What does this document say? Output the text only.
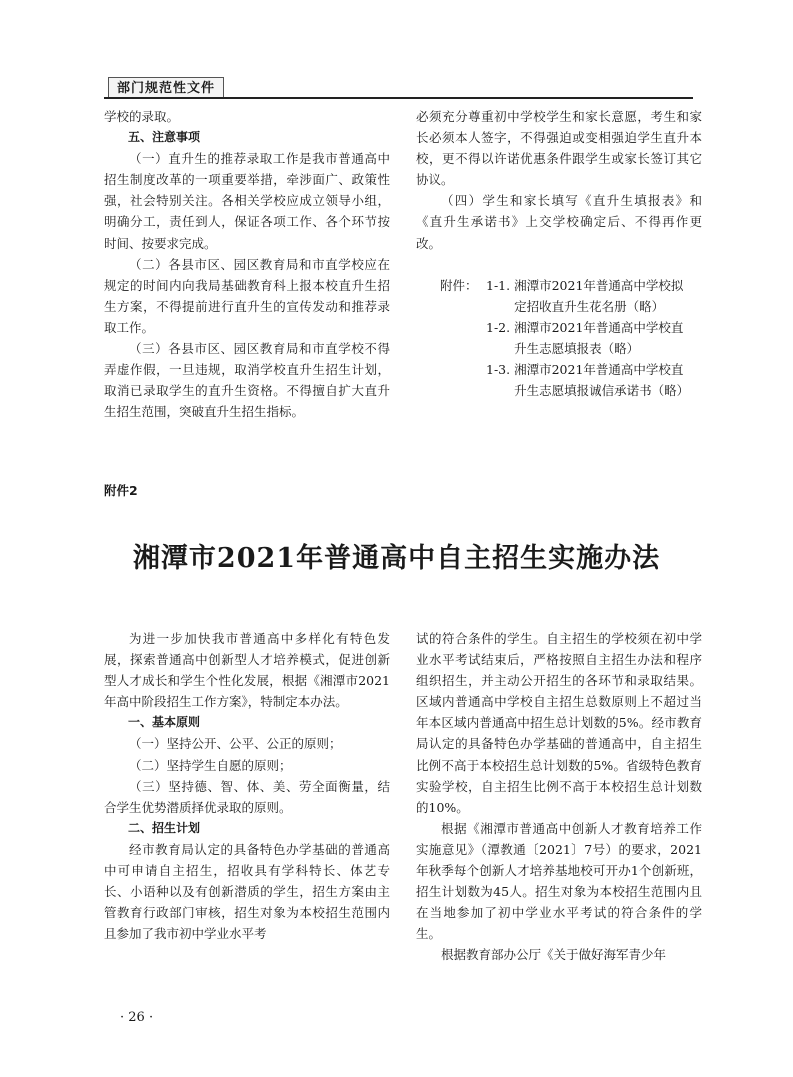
部门规范性文件

学校的录取。

五、注意事项

（一）直升生的推荐录取工作是我市普通高中招生制度改革的一项重要举措，牵涉面广、政策性强，社会特别关注。各相关学校应成立领导小组，明确分工，责任到人，保证各项工作、各个环节按时间、按要求完成。

（二）各县市区、园区教育局和市直学校应在规定的时间内向我局基础教育科上报本校直升生招生方案，不得提前进行直升生的宣传发动和推荐录取工作。

（三）各县市区、园区教育局和市直学校不得弄虚作假，一旦违规，取消学校直升生招生计划，取消已录取学生的直升生资格。不得擅自扩大直升生招生范围，突破直升生招生指标。

必须充分尊重初中学校学生和家长意愿，考生和家长必须本人签字，不得强迫或变相强迫学生直升本校，更不得以许诺优惠条件跟学生或家长签订其它协议。

（四）学生和家长填写《直升生填报表》和《直升生承诺书》上交学校确定后、不得再作更改。

附件： 1-1. 湘潭市2021年普通高中学校拟
定招收直升生花名册（略）
1-2. 湘潭市2021年普通高中学校直
升生志愿填报表（略）
1-3. 湘潭市2021年普通高中学校直
升生志愿填报诚信承诺书（略）
附件2
湘潭市2021年普通高中自主招生实施办法

为进一步加快我市普通高中多样化有特色发展，探索普通高中创新型人才培养模式，促进创新型人才成长和学生个性化发展，根据《湘潭市2021年高中阶段招生工作方案》，特制定本办法。

一、基本原则

（一）坚持公开、公平、公正的原则；

（二）坚持学生自愿的原则；

（三）坚持德、智、体、美、劳全面衡量，结合学生优势潜质择优录取的原则。

二、招生计划

经市教育局认定的具备特色办学基础的普通高中可申请自主招生，招收具有学科特长、体艺专长、小语种以及有创新潜质的学生，招生方案由主管教育行政部门审核，招生对象为本校招生范围内且参加了我市初中学业水平考

试的符合条件的学生。自主招生的学校须在初中学业水平考试结束后，严格按照自主招生办法和程序组织招生，并主动公开招生的各环节和录取结果。区域内普通高中学校自主招生总数原则上不超过当年本区域内普通高中招生总计划数的5%。经市教育局认定的具备特色办学基础的普通高中，自主招生比例不高于本校招生总计划数的5%。省级特色教育实验学校，自主招生比例不高于本校招生总计划数的10%。

根据《湘潭市普通高中创新人才教育培养工作实施意见》（潭教通〔2021〕7号）的要求，2021年秋季每个创新人才培养基地校可开办1个创新班，招生计划数为45人。招生对象为本校招生范围内且在当地参加了初中学业水平考试的符合条件的学生。

根据教育部办公厅《关于做好海军青少年

· 26 ·
